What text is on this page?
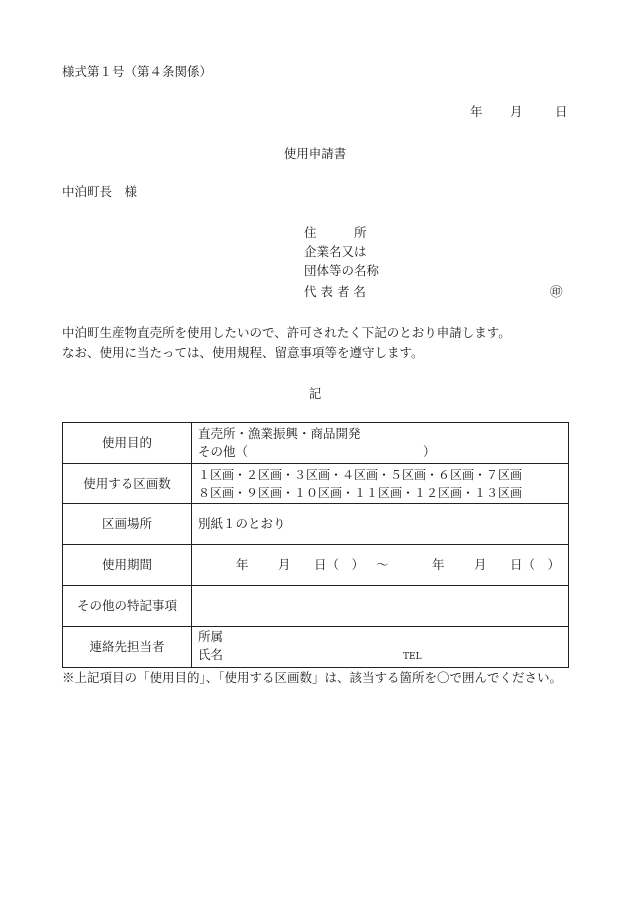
様式第１号（第４条関係）
年 月	日
使用申請書
中泊町長　様
住　　　所
企業名又は
団体等の名称
代 表 者 名	㊞
中泊町生産物直売所を使用したいので、許可されたく下記のとおり申請します。
なお、使用に当たっては、使用規程、留意事項等を遵守します。
記
使用目的	直売所・漁業振興・商品開発
その他（　　　　　　　　　　　　　　）

使用する区画数	１区画・２区画・３区画・４区画・５区画・６区画・７区画
８区画・９区画・１０区画・１１区画・１２区画・１３区画

区画場所	別紙１のとおり
使用期間	年 月 日（　） ～ 年 月 日（　）
その他の特記事項	
連絡先担当者	所属
氏名 TEL
※上記項目の「使用目的」、「使用する区画数」は、該当する箇所を〇で囲んでください。
